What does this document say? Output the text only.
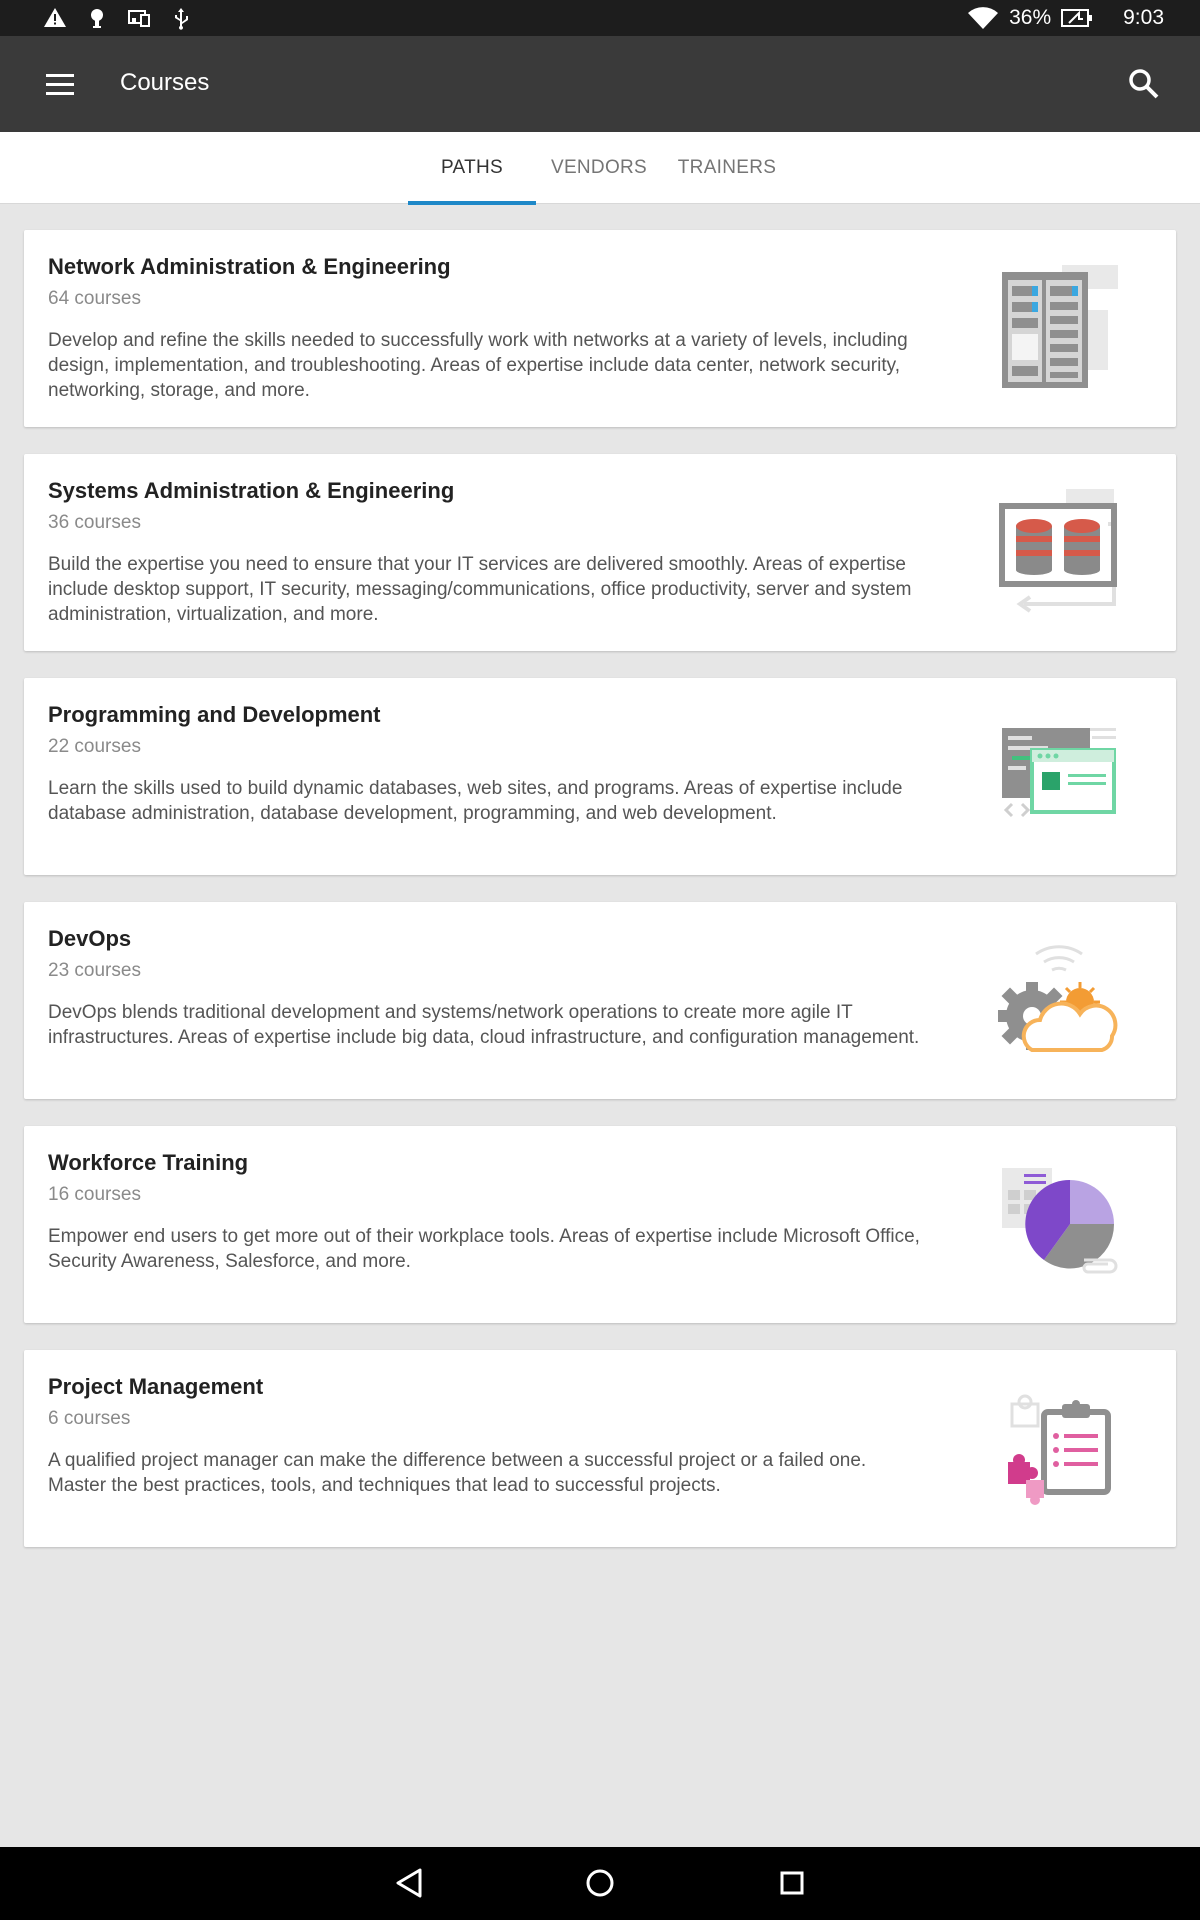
36%	9:03
Courses
PATHS	VENDORS	TRAINERS
Network Administration & Engineering
64 courses
Develop and refine the skills needed to successfully work with networks at a variety of levels, including design, implementation, and troubleshooting. Areas of expertise include data center, network security, networking, storage, and more.
Systems Administration & Engineering
36 courses
Build the expertise you need to ensure that your IT services are delivered smoothly. Areas of expertise include desktop support, IT security, messaging/communications, office productivity, server and system administration, virtualization, and more.
Programming and Development
22 courses
Learn the skills used to build dynamic databases, web sites, and programs. Areas of expertise include database administration, database development, programming, and web development.
DevOps
23 courses
DevOps blends traditional development and systems/network operations to create more agile IT infrastructures. Areas of expertise include big data, cloud infrastructure, and configuration management.
Workforce Training
16 courses
Empower end users to get more out of their workplace tools. Areas of expertise include Microsoft Office, Security Awareness, Salesforce, and more.
Project Management
6 courses
A qualified project manager can make the difference between a successful project or a failed one. Master the best practices, tools, and techniques that lead to successful projects.
